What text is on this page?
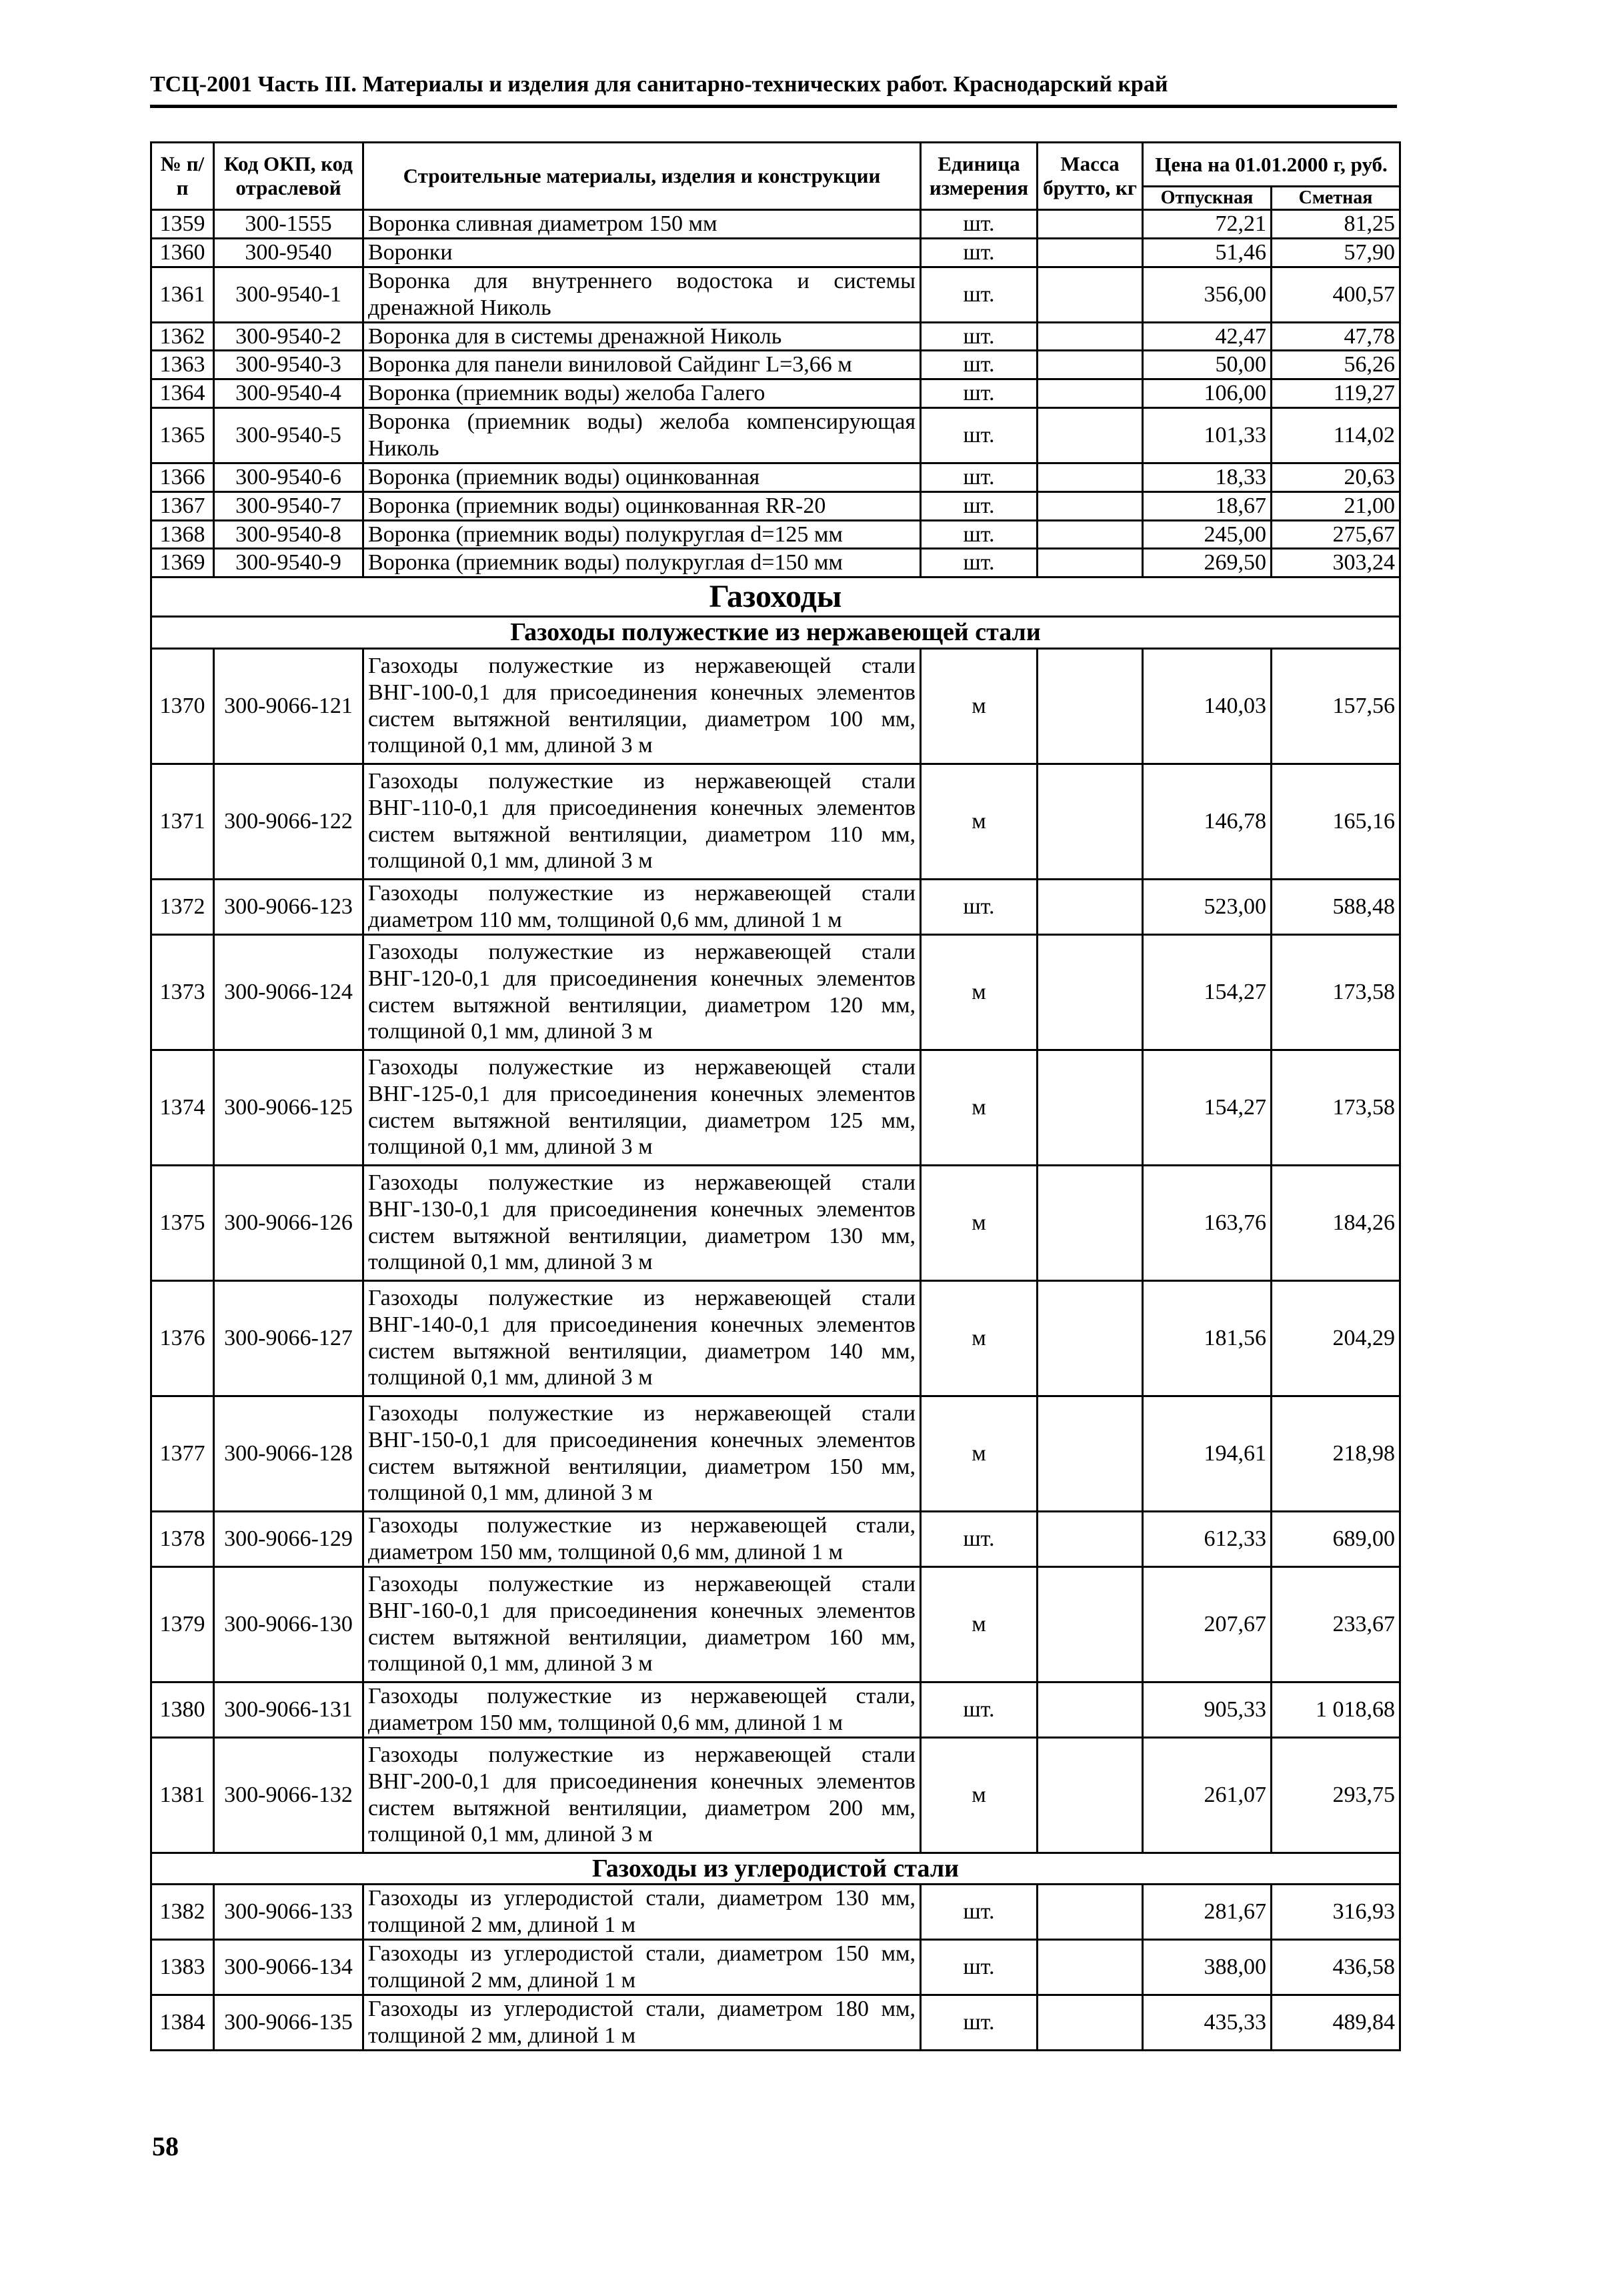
ТСЦ-2001 Часть III. Материалы и изделия для санитарно-технических работ. Краснодарский край
№ п/п	Код ОКП, код отраслевой	Строительные материалы, изделия и конструкции	Единица измерения	Масса брутто, кг	Цена на 01.01.2000 г, руб.	
					Отпускная	Сметная
1359	300-1555	Воронка сливная диаметром 150 мм	шт.		72,21	81,25
1360	300-9540	Воронки	шт.		51,46	57,90
1361	300-9540-1	Воронка для внутреннего водостока и системы дренажной Николь	шт.		356,00	400,57
1362	300-9540-2	Воронка для в системы дренажной Николь	шт.		42,47	47,78
1363	300-9540-3	Воронка для панели виниловой Сайдинг L=3,66 м	шт.		50,00	56,26
1364	300-9540-4	Воронка (приемник воды) желоба Галего	шт.		106,00	119,27
1365	300-9540-5	Воронка (приемник воды) желоба компенсирующая Николь	шт.		101,33	114,02
1366	300-9540-6	Воронка (приемник воды) оцинкованная	шт.		18,33	20,63
1367	300-9540-7	Воронка (приемник воды) оцинкованная RR-20	шт.		18,67	21,00
1368	300-9540-8	Воронка (приемник воды) полукруглая d=125 мм	шт.		245,00	275,67
1369	300-9540-9	Воронка (приемник воды) полукруглая d=150 мм	шт.		269,50	303,24
Газоходы						
Газоходы полужесткие из нержавеющей стали						
1370	300-9066-121	Газоходы полужесткие из нержавеющей стали ВНГ-100-0,1 для присоединения конечных элементов систем вытяжной вентиляции, диаметром 100 мм, толщиной 0,1 мм, длиной 3 м	м		140,03	157,56
1371	300-9066-122	Газоходы полужесткие из нержавеющей стали ВНГ-110-0,1 для присоединения конечных элементов систем вытяжной вентиляции, диаметром 110 мм, толщиной 0,1 мм, длиной 3 м	м		146,78	165,16
1372	300-9066-123	Газоходы полужесткие из нержавеющей стали диаметром 110 мм, толщиной 0,6 мм, длиной 1 м	шт.		523,00	588,48
1373	300-9066-124	Газоходы полужесткие из нержавеющей стали ВНГ-120-0,1 для присоединения конечных элементов систем вытяжной вентиляции, диаметром 120 мм, толщиной 0,1 мм, длиной 3 м	м		154,27	173,58
1374	300-9066-125	Газоходы полужесткие из нержавеющей стали ВНГ-125-0,1 для присоединения конечных элементов систем вытяжной вентиляции, диаметром 125 мм, толщиной 0,1 мм, длиной 3 м	м		154,27	173,58
1375	300-9066-126	Газоходы полужесткие из нержавеющей стали ВНГ-130-0,1 для присоединения конечных элементов систем вытяжной вентиляции, диаметром 130 мм, толщиной 0,1 мм, длиной 3 м	м		163,76	184,26
1376	300-9066-127	Газоходы полужесткие из нержавеющей стали ВНГ-140-0,1 для присоединения конечных элементов систем вытяжной вентиляции, диаметром 140 мм, толщиной 0,1 мм, длиной 3 м	м		181,56	204,29
1377	300-9066-128	Газоходы полужесткие из нержавеющей стали ВНГ-150-0,1 для присоединения конечных элементов систем вытяжной вентиляции, диаметром 150 мм, толщиной 0,1 мм, длиной 3 м	м		194,61	218,98
1378	300-9066-129	Газоходы полужесткие из нержавеющей стали, диаметром 150 мм, толщиной 0,6 мм, длиной 1 м	шт.		612,33	689,00
1379	300-9066-130	Газоходы полужесткие из нержавеющей стали ВНГ-160-0,1 для присоединения конечных элементов систем вытяжной вентиляции, диаметром 160 мм, толщиной 0,1 мм, длиной 3 м	м		207,67	233,67
1380	300-9066-131	Газоходы полужесткие из нержавеющей стали, диаметром 150 мм, толщиной 0,6 мм, длиной 1 м	шт.		905,33	1 018,68
1381	300-9066-132	Газоходы полужесткие из нержавеющей стали ВНГ-200-0,1 для присоединения конечных элементов систем вытяжной вентиляции, диаметром 200 мм, толщиной 0,1 мм, длиной 3 м	м		261,07	293,75
Газоходы из углеродистой стали						
1382	300-9066-133	Газоходы из углеродистой стали, диаметром 130 мм, толщиной 2 мм, длиной 1 м	шт.		281,67	316,93
1383	300-9066-134	Газоходы из углеродистой стали, диаметром 150 мм, толщиной 2 мм, длиной 1 м	шт.		388,00	436,58
1384	300-9066-135	Газоходы из углеродистой стали, диаметром 180 мм, толщиной 2 мм, длиной 1 м	шт.		435,33	489,84
58
